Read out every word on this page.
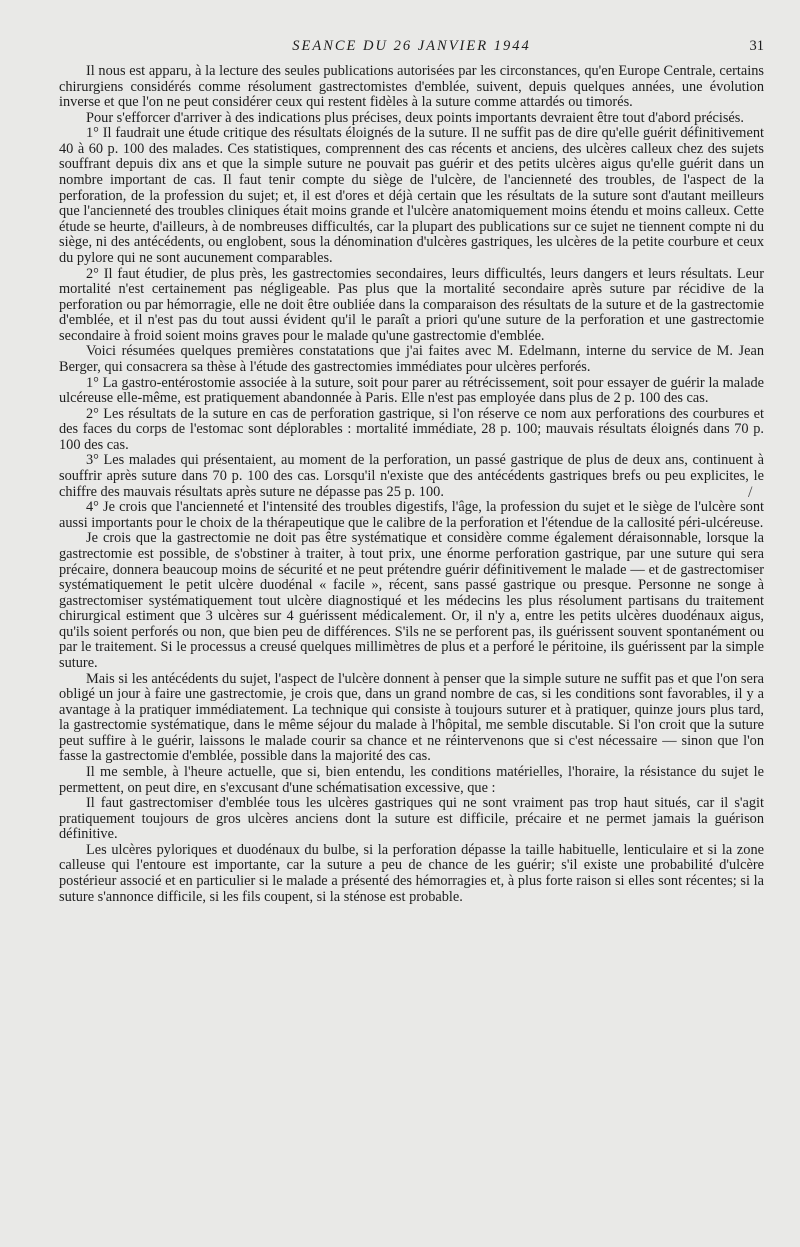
SEANCE DU 26 JANVIER 1944	31

Il nous est apparu, à la lecture des seules publications autorisées par les circonstances, qu'en Europe Centrale, certains chirurgiens considérés comme résolument gastrectomistes d'emblée, suivent, depuis quelques années, une évolution inverse et que l'on ne peut considérer ceux qui restent fidèles à la suture comme attardés ou timorés.

Pour s'efforcer d'arriver à des indications plus précises, deux points importants devraient être tout d'abord précisés.

1° Il faudrait une étude critique des résultats éloignés de la suture. Il ne suffit pas de dire qu'elle guérit définitivement 40 à 60 p. 100 des malades. Ces statistiques, comprennent des cas récents et anciens, des ulcères calleux chez des sujets souffrant depuis dix ans et que la simple suture ne pouvait pas guérir et des petits ulcères aigus qu'elle guérit dans un nombre important de cas. Il faut tenir compte du siège de l'ulcère, de l'ancienneté des troubles, de l'aspect de la perforation, de la profession du sujet; et, il est d'ores et déjà certain que les résultats de la suture sont d'autant meilleurs que l'ancienneté des troubles cliniques était moins grande et l'ulcère anatomiquement moins étendu et moins calleux. Cette étude se heurte, d'ailleurs, à de nombreuses difficultés, car la plupart des publications sur ce sujet ne tiennent compte ni du siège, ni des antécédents, ou englobent, sous la dénomination d'ulcères gastriques, les ulcères de la petite courbure et ceux du pylore qui ne sont aucunement comparables.

2° Il faut étudier, de plus près, les gastrectomies secondaires, leurs difficultés, leurs dangers et leurs résultats. Leur mortalité n'est certainement pas négligeable. Pas plus que la mortalité secondaire après suture par récidive de la perforation ou par hémorragie, elle ne doit être oubliée dans la comparaison des résultats de la suture et de la gastrectomie d'emblée, et il n'est pas du tout aussi évident qu'il le paraît a priori qu'une suture de la perforation et une gastrectomie secondaire à froid soient moins graves pour le malade qu'une gastrectomie d'emblée.

Voici résumées quelques premières constatations que j'ai faites avec M. Edelmann, interne du service de M. Jean Berger, qui consacrera sa thèse à l'étude des gastrectomies immédiates pour ulcères perforés.

1° La gastro-entérostomie associée à la suture, soit pour parer au rétrécissement, soit pour essayer de guérir la malade ulcéreuse elle-même, est pratiquement abandonnée à Paris. Elle n'est pas employée dans plus de 2 p. 100 des cas.

2° Les résultats de la suture en cas de perforation gastrique, si l'on réserve ce nom aux perforations des courbures et des faces du corps de l'estomac sont déplorables : mortalité immédiate, 28 p. 100; mauvais résultats éloignés dans 70 p. 100 des cas.

3° Les malades qui présentaient, au moment de la perforation, un passé gastrique de plus de deux ans, continuent à souffrir après suture dans 70 p. 100 des cas. Lorsqu'il n'existe que des antécédents gastriques brefs ou peu explicites, le chiffre des mauvais résultats après suture ne dépasse pas 25 p. 100.

4° Je crois que l'ancienneté et l'intensité des troubles digestifs, l'âge, la profession du sujet et le siège de l'ulcère sont aussi importants pour le choix de la thérapeutique que le calibre de la perforation et l'étendue de la callosité péri-ulcéreuse.

Je crois que la gastrectomie ne doit pas être systématique et considère comme également déraisonnable, lorsque la gastrectomie est possible, de s'obstiner à traiter, à tout prix, une énorme perforation gastrique, par une suture qui sera précaire, donnera beaucoup moins de sécurité et ne peut prétendre guérir définitivement le malade — et de gastrectomiser systématiquement le petit ulcère duodénal « facile », récent, sans passé gastrique ou presque. Personne ne songe à gastrectomiser systématiquement tout ulcère diagnostiqué et les médecins les plus résolument partisans du traitement chirurgical estiment que 3 ulcères sur 4 guérissent médicalement. Or, il n'y a, entre les petits ulcères duodénaux aigus, qu'ils soient perforés ou non, que bien peu de différences. S'ils ne se perforent pas, ils guérissent souvent spontanément ou par le traitement. Si le processus a creusé quelques millimètres de plus et a perforé le péritoine, ils guérissent par la simple suture.

Mais si les antécédents du sujet, l'aspect de l'ulcère donnent à penser que la simple suture ne suffit pas et que l'on sera obligé un jour à faire une gastrectomie, je crois que, dans un grand nombre de cas, si les conditions sont favorables, il y a avantage à la pratiquer immédiatement. La technique qui consiste à toujours suturer et à pratiquer, quinze jours plus tard, la gastrectomie systématique, dans le même séjour du malade à l'hôpital, me semble discutable. Si l'on croit que la suture peut suffire à le guérir, laissons le malade courir sa chance et ne réintervenons que si c'est nécessaire — sinon que l'on fasse la gastrectomie d'emblée, possible dans la majorité des cas.

Il me semble, à l'heure actuelle, que si, bien entendu, les conditions matérielles, l'horaire, la résistance du sujet le permettent, on peut dire, en s'excusant d'une schématisation excessive, que :

Il faut gastrectomiser d'emblée tous les ulcères gastriques qui ne sont vraiment pas trop haut situés, car il s'agit pratiquement toujours de gros ulcères anciens dont la suture est difficile, précaire et ne permet jamais la guérison définitive.

Les ulcères pyloriques et duodénaux du bulbe, si la perforation dépasse la taille habituelle, lenticulaire et si la zone calleuse qui l'entoure est importante, car la suture a peu de chance de les guérir; s'il existe une probabilité d'ulcère postérieur associé et en particulier si le malade a présenté des hémorragies et, à plus forte raison si elles sont récentes; si la suture s'annonce difficile, si les fils coupent, si la sténose est probable.

/
